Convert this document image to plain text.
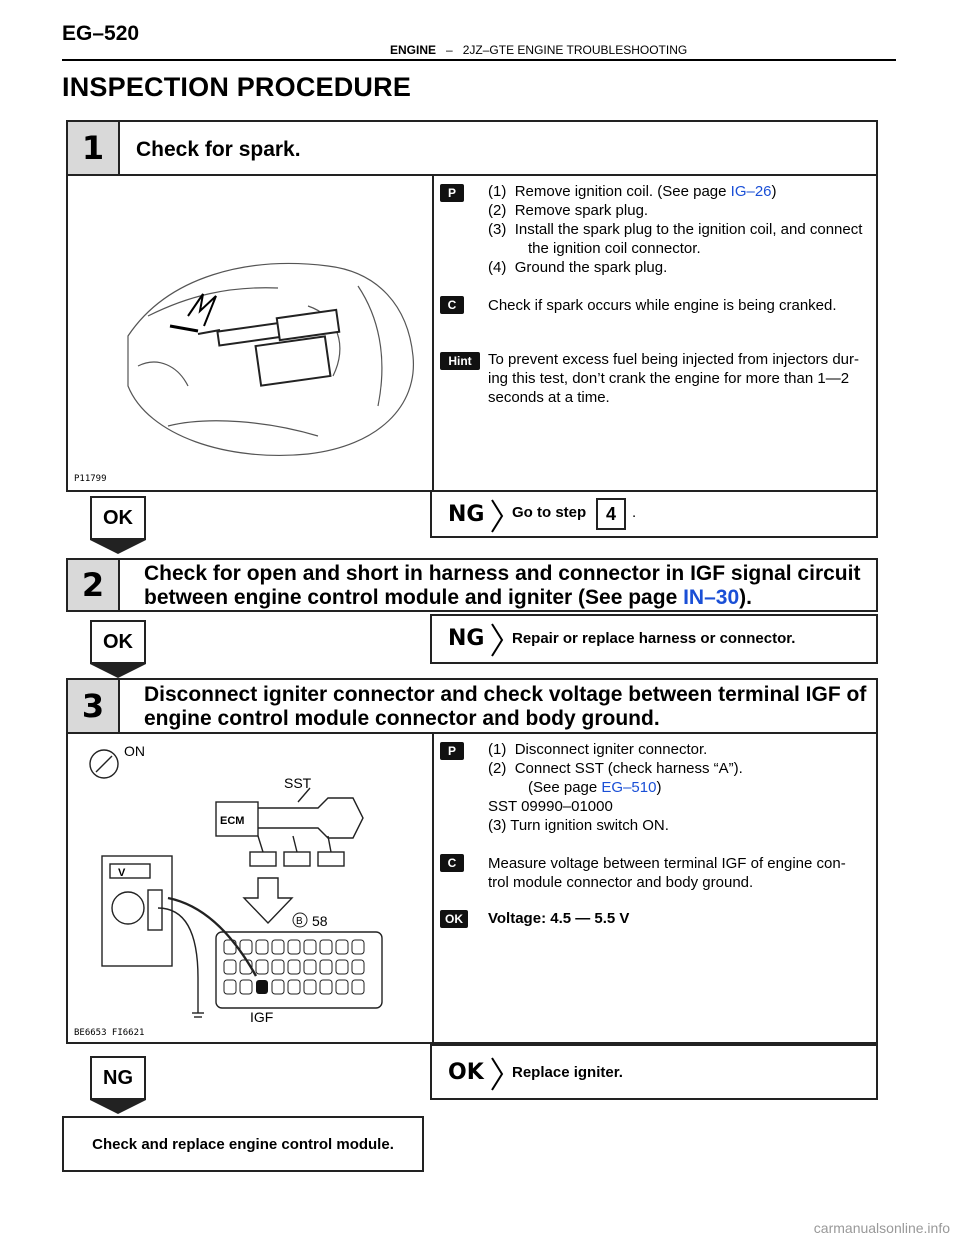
EG–520
ENGINE – 2JZ–GTE ENGINE TROUBLESHOOTING
INSPECTION PROCEDURE
1	Check for spark.
P11799
P	(1) Remove ignition coil. (See page IG–26)
(2) Remove spark plug.
(3) Install the spark plug to the ignition coil, and connect
the ignition coil connector.
(4) Ground the spark plug.
C	Check if spark occurs while engine is being cranked.
Hint	To prevent excess fuel being injected from injectors dur-
ing this test, don’t crank the engine for more than 1—2
seconds at a time.
OK	NG Go to step	4	.
2	Check for open and short in harness and connector in IGF signal circuit
between engine control module and igniter (See page IN–30).
OK	NG Repair or replace harness or connector.
3	Disconnect igniter connector and check voltage between terminal IGF of
engine control module connector and body ground.
ON
SST
ECM
V
B 58
IGF
BE6653 FI6621
P	(1) Disconnect igniter connector.
(2) Connect SST (check harness “A”).
(See page EG–510)
SST 09990–01000
(3) Turn ignition switch ON.
C	Measure voltage between terminal IGF of engine con-
trol module connector and body ground.
OK	Voltage: 4.5 — 5.5 V
NG	OK Replace igniter.
Check and replace engine control module.
carmanualsonline.info
